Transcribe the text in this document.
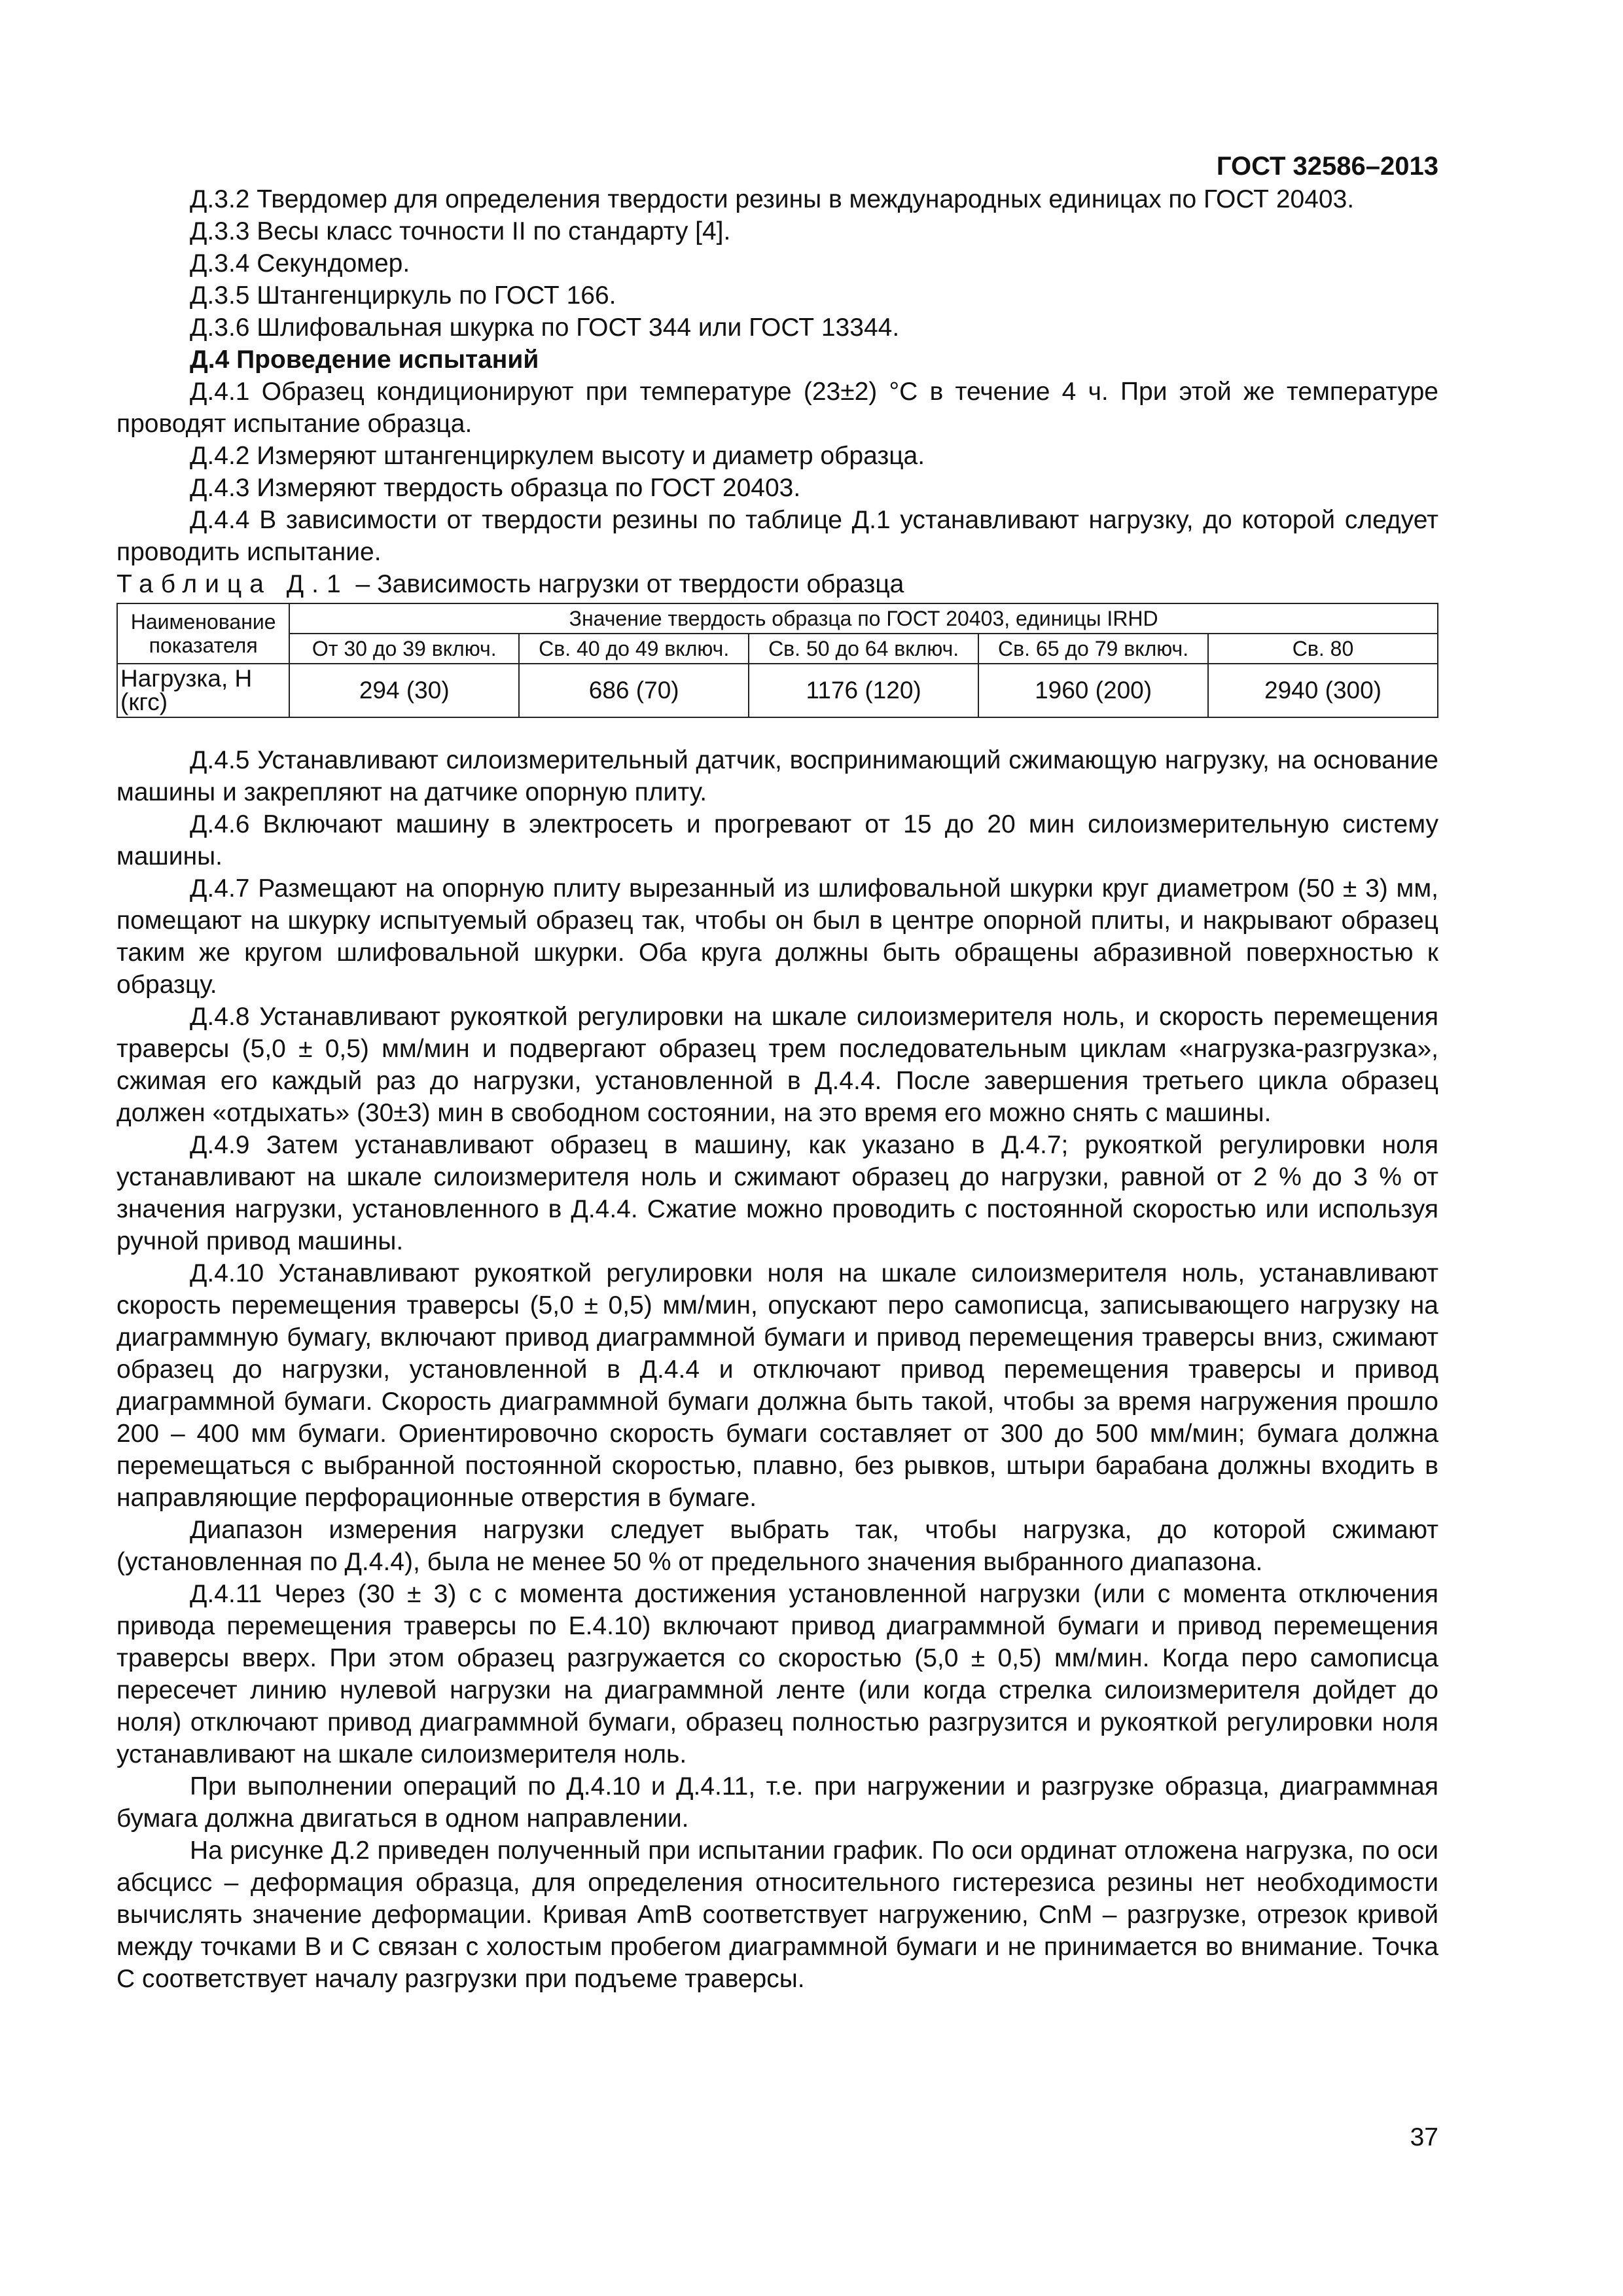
ГОСТ 32586–2013

Д.3.2 Твердомер для определения твердости резины в международных единицах по ГОСТ 20403.

Д.3.3 Весы класс точности II по стандарту [4].

Д.3.4 Секундомер.

Д.3.5 Штангенциркуль по ГОСТ 166.

Д.3.6 Шлифовальная шкурка по ГОСТ 344 или ГОСТ 13344.

Д.4 Проведение испытаний

Д.4.1 Образец кондиционируют при температуре (23±2) °С в течение 4 ч. При этой же температуре проводят испытание образца.

Д.4.2 Измеряют штангенциркулем высоту и диаметр образца.

Д.4.3 Измеряют твердость образца по ГОСТ 20403.

Д.4.4 В зависимости от твердости резины по таблице Д.1 устанавливают нагрузку, до которой следует проводить испытание.

Таблица Д.1 – Зависимость нагрузки от твердости образца

Наименование показателя	Значение твердость образца по ГОСТ 20403, единицы IRHD				
	От 30 до 39 включ.	Св. 40 до 49 включ.	Св. 50 до 64 включ.	Св. 65 до 79 включ.	Св. 80
Нагрузка, Н (кгс)	294 (30)	686 (70)	1176 (120)	1960 (200)	2940 (300)

Д.4.5 Устанавливают силоизмерительный датчик, воспринимающий сжимающую нагрузку, на основание машины и закрепляют на датчике опорную плиту.

Д.4.6 Включают машину в электросеть и прогревают от 15 до 20 мин силоизмерительную систему машины.

Д.4.7 Размещают на опорную плиту вырезанный из шлифовальной шкурки круг диаметром (50 ± 3) мм, помещают на шкурку испытуемый образец так, чтобы он был в центре опорной плиты, и накрывают образец таким же кругом шлифовальной шкурки. Оба круга должны быть обращены абразивной поверхностью к образцу.

Д.4.8 Устанавливают рукояткой регулировки на шкале силоизмерителя ноль, и скорость перемещения траверсы (5,0 ± 0,5) мм/мин и подвергают образец трем последовательным циклам «нагрузка-разгрузка», сжимая его каждый раз до нагрузки, установленной в Д.4.4. После завершения третьего цикла образец должен «отдыхать» (30±3) мин в свободном состоянии, на это время его можно снять с машины.

Д.4.9 Затем устанавливают образец в машину, как указано в Д.4.7; рукояткой регулировки ноля устанавливают на шкале силоизмерителя ноль и сжимают образец до нагрузки, равной от 2 % до 3 % от значения нагрузки, установленного в Д.4.4. Сжатие можно проводить с постоянной скоростью или используя ручной привод машины.

Д.4.10 Устанавливают рукояткой регулировки ноля на шкале силоизмерителя ноль, устанавливают скорость перемещения траверсы (5,0 ± 0,5) мм/мин, опускают перо самописца, записывающего нагрузку на диаграммную бумагу, включают привод диаграммной бумаги и привод перемещения траверсы вниз, сжимают образец до нагрузки, установленной в Д.4.4 и отключают привод перемещения траверсы и привод диаграммной бумаги. Скорость диаграммной бумаги должна быть такой, чтобы за время нагружения прошло 200 – 400 мм бумаги. Ориентировочно скорость бумаги составляет от 300 до 500 мм/мин; бумага должна перемещаться с выбранной постоянной скоростью, плавно, без рывков, штыри барабана должны входить в направляющие перфорационные отверстия в бумаге.

Диапазон измерения нагрузки следует выбрать так, чтобы нагрузка, до которой сжимают (установленная по Д.4.4), была не менее 50 % от предельного значения выбранного диапазона.

Д.4.11 Через (30 ± 3) с с момента достижения установленной нагрузки (или с момента отключения привода перемещения траверсы по Е.4.10) включают привод диаграммной бумаги и привод перемещения траверсы вверх. При этом образец разгружается со скоростью (5,0 ± 0,5) мм/мин. Когда перо самописца пересечет линию нулевой нагрузки на диаграммной ленте (или когда стрелка силоизмерителя дойдет до ноля) отключают привод диаграммной бумаги, образец полностью разгрузится и рукояткой регулировки ноля устанавливают на шкале силоизмерителя ноль.

При выполнении операций по Д.4.10 и Д.4.11, т.е. при нагружении и разгрузке образца, диаграммная бумага должна двигаться в одном направлении.

На рисунке Д.2 приведен полученный при испытании график. По оси ординат отложена нагрузка, по оси абсцисс – деформация образца, для определения относительного гистерезиса резины нет необходимости вычислять значение деформации. Кривая AmB соответствует нагружению, CnM – разгрузке, отрезок кривой между точками В и С связан с холостым пробегом диаграммной бумаги и не принимается во внимание. Точка С соответствует началу разгрузки при подъеме траверсы.

37
